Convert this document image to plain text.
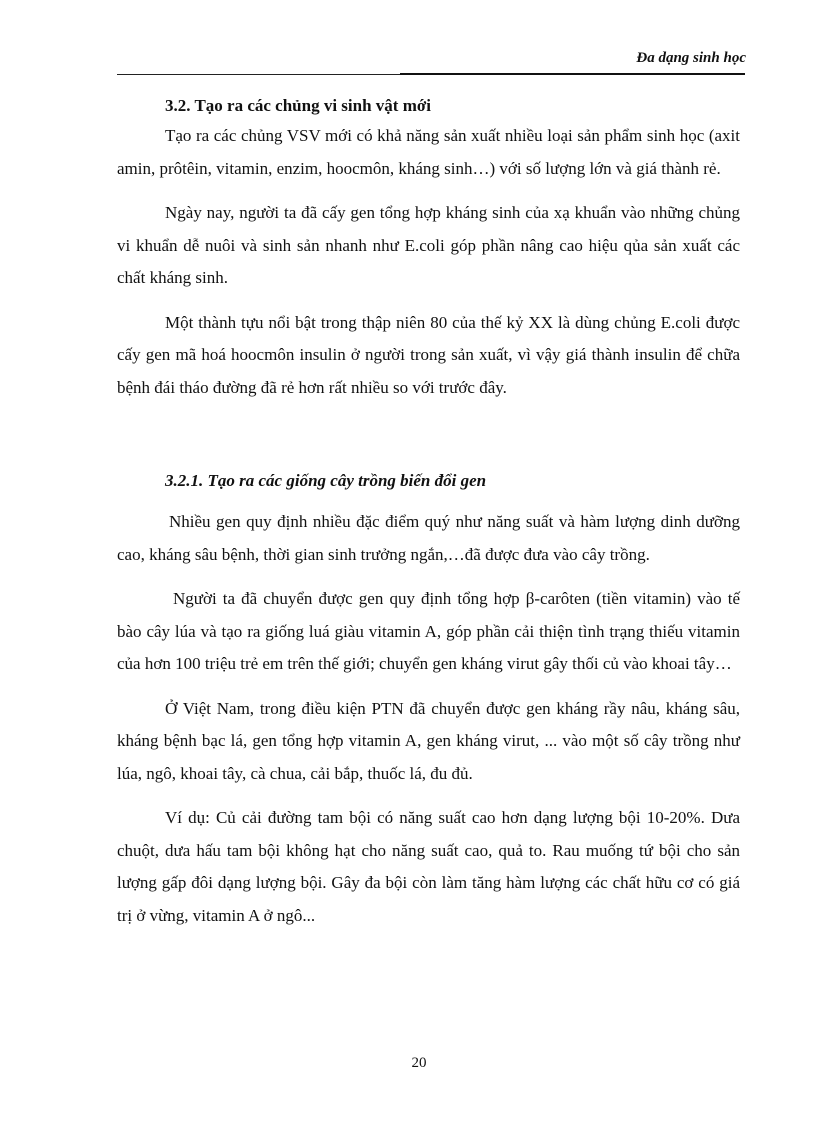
Đa dạng sinh học
3.2. Tạo ra các chủng vi sinh vật mới

Tạo ra các chủng VSV mới có khả năng sản xuất nhiều loại sản phẩm sinh học (axit amin, prôtêin, vitamin, enzim, hoocmôn, kháng sinh…) với số lượng lớn và giá thành rẻ.

Ngày nay, người ta đã cấy gen tổng hợp kháng sinh của xạ khuẩn vào những chủng vi khuẩn dễ nuôi và sinh sản nhanh như E.coli góp phần nâng cao hiệu qủa sản xuất các chất kháng sinh.

Một thành tựu nổi bật trong thập niên 80 của thế kỷ XX là dùng chủng E.coli được cấy gen mã hoá hoocmôn insulin ở người trong sản xuất, vì vậy giá thành insulin để chữa bệnh đái tháo đường đã rẻ hơn rất nhiều so với trước đây.

3.2.1. Tạo ra các giống cây trồng biến đổi gen

Nhiều gen quy định nhiều đặc điểm quý như năng suất và hàm lượng dinh dưỡng cao, kháng sâu bệnh, thời gian sinh trưởng ngắn,…đã được đưa vào cây trồng.

Người ta đã chuyển được gen quy định tổng hợp β-carôten (tiền vitamin) vào tế bào cây lúa và tạo ra giống luá giàu vitamin A, góp phần cải thiện tình trạng thiếu vitamin của hơn 100 triệu trẻ em trên thế giới; chuyển gen kháng virut gây thối củ vào khoai tây…

Ở Việt Nam, trong điều kiện PTN đã chuyển được gen kháng rầy nâu, kháng sâu, kháng bệnh bạc lá, gen tổng hợp vitamin A, gen kháng virut, ... vào một số cây trồng như lúa, ngô, khoai tây, cà chua, cải bắp, thuốc lá, đu đủ.

Ví dụ: Củ cải đường tam bội có năng suất cao hơn dạng lượng bội 10-20%. Dưa chuột, dưa hấu tam bội không hạt cho năng suất cao, quả to. Rau muống tứ bội cho sản lượng gấp đôi dạng lượng bội. Gây đa bội còn làm tăng hàm lượng các chất hữu cơ có giá trị ở vừng, vitamin A ở ngô...

20
